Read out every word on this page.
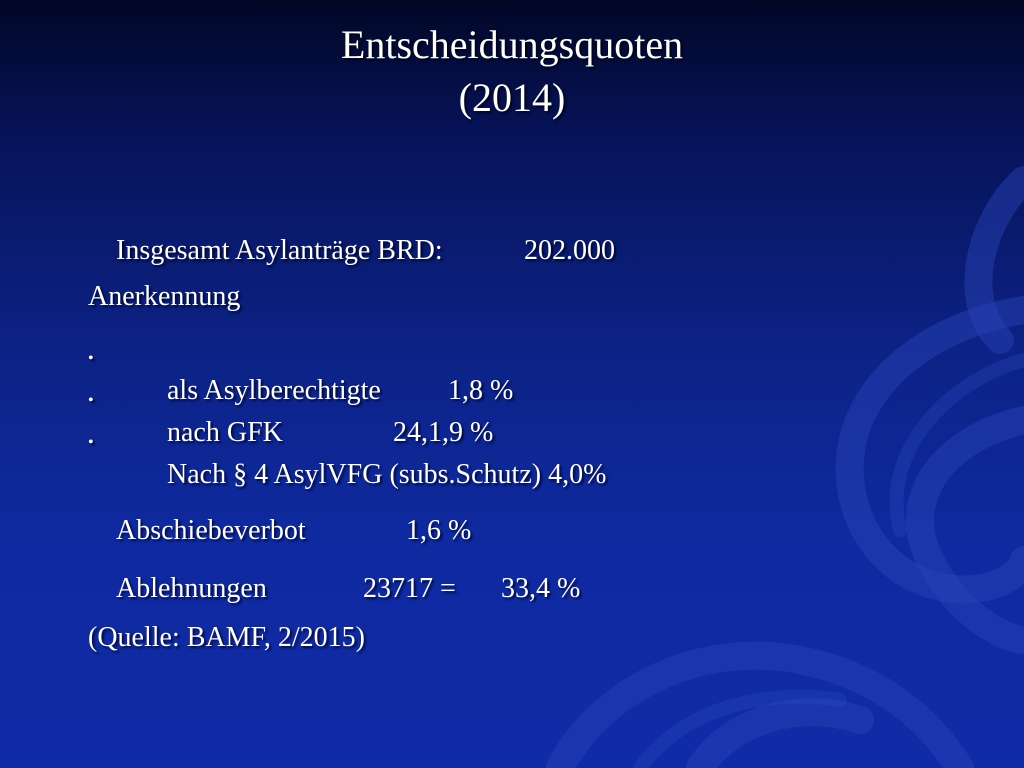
Entscheidungsquoten
(2014)

Insgesamt Asylanträge BRD:	202.000

Anerkennung

•

als Asylberechtigte 1,8 %

•

nach GFK	24,1,9 %

•

Nach § 4 AsylVFG (subs.Schutz) 4,0%

Abschiebeverbot	1,6 %

Ablehnungen	23717 = 33,4 %

(Quelle: BAMF, 2/2015)
